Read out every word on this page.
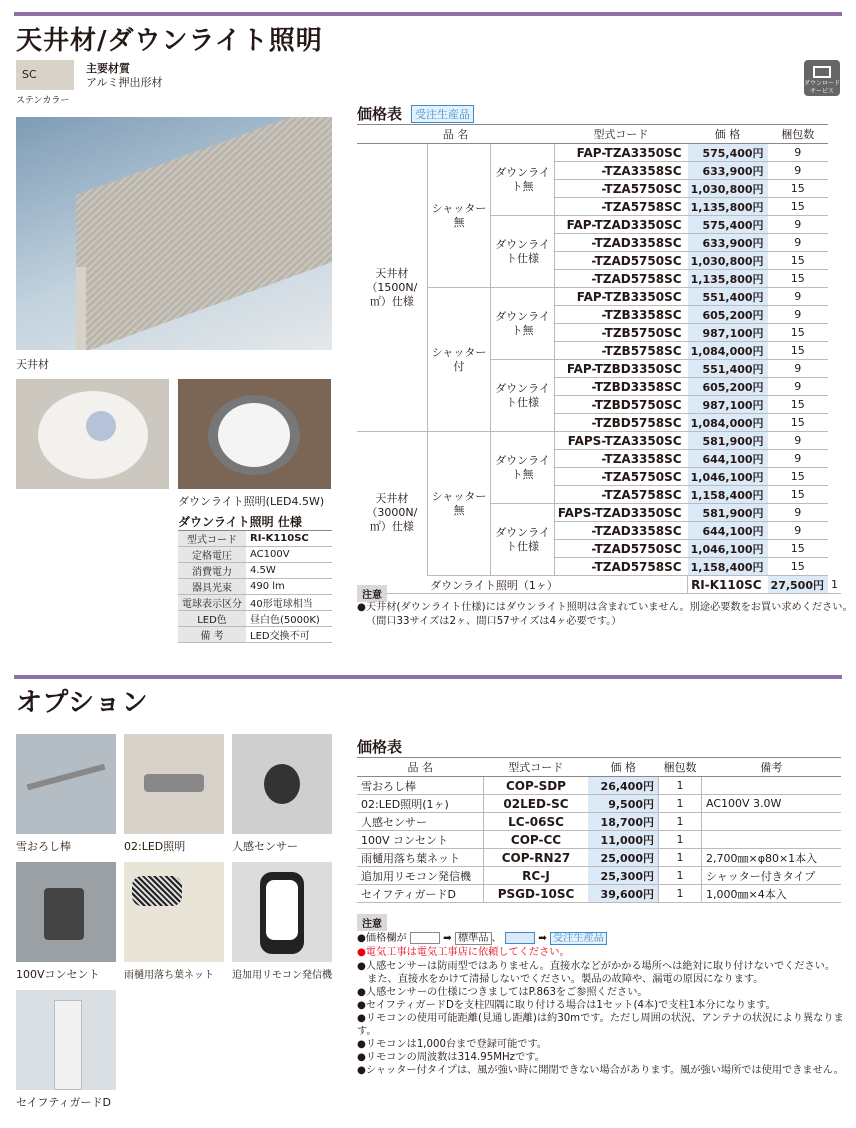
天井材/ダウンライト照明
SC
ステンカラー
主要材質
アルミ押出形材	ダウンロードサービス
天井材
ダウンライト照明(LED4.5W)
ダウンライト照明 仕様
型式コード	RI-K110SC
定格電圧	AC100V
消費電力	4.5W
器具光束	490 lm
電球表示区分	40形電球相当
LED色	昼白色(5000K)
備 考	LED交換不可
価格表	受注生産品
品 名			型式コード	価 格	梱包数	
天井材（1500N/㎡）仕様	シャッター無	ダウンライト無	FAP-TZA3350SC	575,400円	9	
			-TZA3358SC	633,900円	9	
			-TZA5750SC	1,030,800円	15	
			-TZA5758SC	1,135,800円	15	
		ダウンライト仕様	FAP-TZAD3350SC	575,400円	9	
			-TZAD3358SC	633,900円	9	
			-TZAD5750SC	1,030,800円	15	
			-TZAD5758SC	1,135,800円	15	
	シャッター付	ダウンライト無	FAP-TZB3350SC	551,400円	9	
			-TZB3358SC	605,200円	9	
			-TZB5750SC	987,100円	15	
			-TZB5758SC	1,084,000円	15	
		ダウンライト仕様	FAP-TZBD3350SC	551,400円	9	
			-TZBD3358SC	605,200円	9	
			-TZBD5750SC	987,100円	15	
			-TZBD5758SC	1,084,000円	15	
天井材（3000N/㎡）仕様	シャッター無	ダウンライト無	FAPS-TZA3350SC	581,900円	9	
			-TZA3358SC	644,100円	9	
			-TZA5750SC	1,046,100円	15	
			-TZA5758SC	1,158,400円	15	
		ダウンライト仕様	FAPS-TZAD3350SC	581,900円	9	
			-TZAD3358SC	644,100円	9	
			-TZAD5750SC	1,046,100円	15	
			-TZAD5758SC	1,158,400円	15	
	ダウンライト照明（1ヶ）			RI-K110SC	27,500円	1
注意
●天井材(ダウンライト仕様)にはダウンライト照明は含まれていません。別途必要数をお買い求めください。
（間口33サイズは2ヶ、間口57サイズは4ヶ必要です。）
オプション
雪おろし棒	02:LED照明	人感センサー
100Vコンセント 雨樋用落ち葉ネット 追加用リモコン発信機
セイフティガードD
価格表
品 名	型式コード	価 格	梱包数	備考
雪おろし棒	COP-SDP	26,400円	1	
02:LED照明(1ヶ)	02LED-SC	9,500円	1	AC100V 3.0W
人感センサー	LC-06SC	18,700円	1	
100V コンセント	COP-CC	11,000円	1	
雨樋用落ち葉ネット	COP-RN27	25,000円	1	2,700㎜×φ80×1本入
追加用リモコン発信機	RC-J	25,300円	1	シャッター付きタイプ
セイフティガードD	PSGD-10SC	39,600円	1	1,000㎜×4本入
注意
●価格欄が	➡ 標準品 、	➡ 受注生産品
●電気工事は電気工事店に依頼してください。
●人感センサーは防雨型ではありません。直接水などがかかる場所へは絶対に取り付けないでください。
　また、直接水をかけて清掃しないでください。製品の故障や、漏電の原因になります。
●人感センサーの仕様につきましてはP.863をご参照ください。
●セイフティガードDを支柱四隅に取り付ける場合は1セット(4本)で支柱1本分になります。
●リモコンの使用可能距離(見通し距離)は約30mです。ただし周囲の状況、アンテナの状況により異なります。
●リモコンは1,000台まで登録可能です。
●リモコンの周波数は314.95MHzです。
●シャッター付タイプは、風が強い時に開閉できない場合があります。風が強い場所では使用できません。
